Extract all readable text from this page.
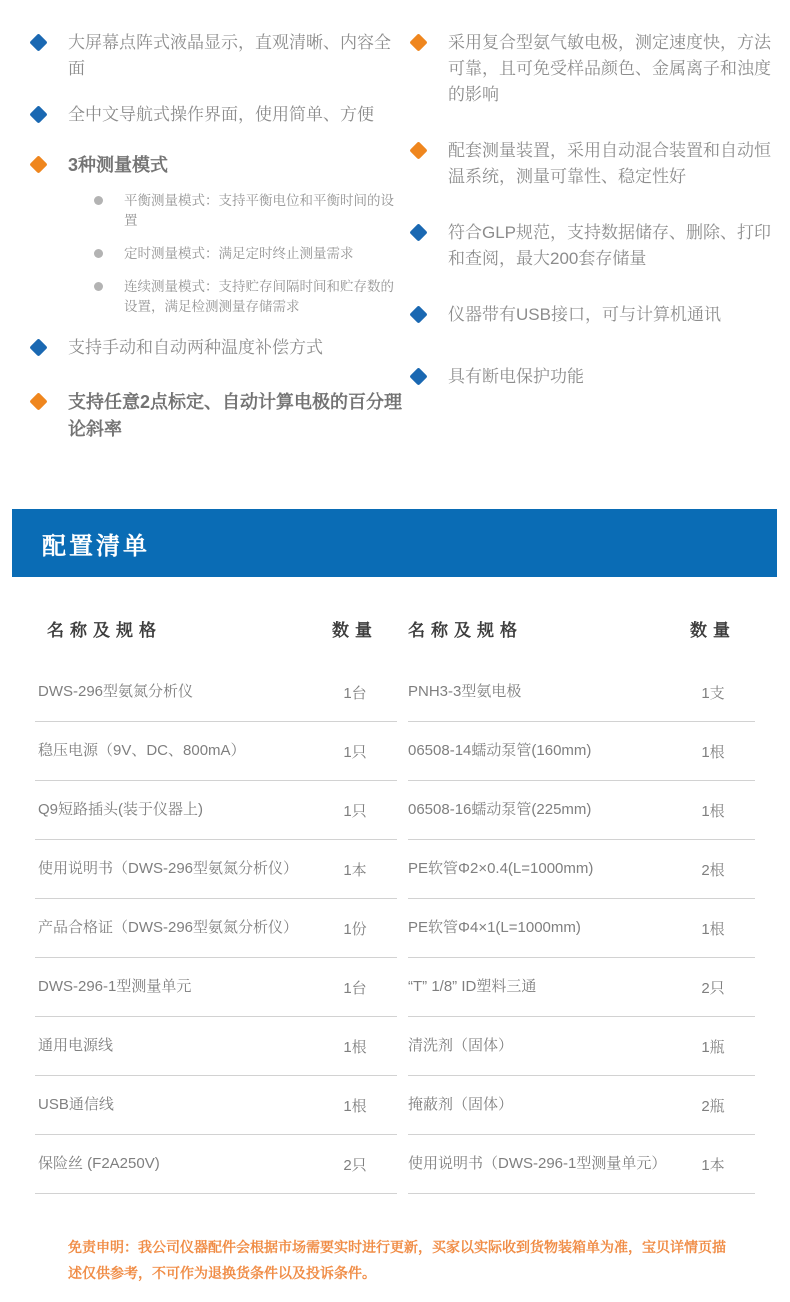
大屏幕点阵式液晶显示，直观清晰、内容全面
全中文导航式操作界面，使用简单、方便
3种测量模式
平衡测量模式：支持平衡电位和平衡时间的设置
定时测量模式：满足定时终止测量需求
连续测量模式：支持贮存间隔时间和贮存数的设置，满足检测测量存储需求
支持手动和自动两种温度补偿方式
支持任意2点标定、自动计算电极的百分理论斜率
采用复合型氨气敏电极，测定速度快，方法可靠，且可免受样品颜色、金属离子和浊度的影响
配套测量装置，采用自动混合装置和自动恒温系统，测量可靠性、稳定性好
符合GLP规范，支持数据储存、删除、打印和查阅，最大200套存储量
仪器带有USB接口，可与计算机通讯
具有断电保护功能
配置清单
名称及规格	数量
DWS-296型氨氮分析仪	1台
稳压电源（9V、DC、800mA）	1只
Q9短路插头(装于仪器上)	1只
使用说明书（DWS-296型氨氮分析仪）	1本
产品合格证（DWS-296型氨氮分析仪）	1份
DWS-296-1型测量单元	1台
通用电源线	1根
USB通信线	1根
保险丝 (F2A250V)	2只
名称及规格	数量
PNH3-3型氨电极	1支
06508-14蠕动泵管(160mm)	1根
06508-16蠕动泵管(225mm)	1根
PE软管Φ2×0.4(L=1000mm)	2根
PE软管Φ4×1(L=1000mm)	1根
“T” 1/8” ID塑料三通	2只
清洗剂（固体）	1瓶
掩蔽剂（固体）	2瓶
使用说明书（DWS-296-1型测量单元）	1本
免责申明：我公司仪器配件会根据市场需要实时进行更新，买家以实际收到货物装箱单为准，宝贝详情页描述仅供参考，不可作为退换货条件以及投诉条件。
